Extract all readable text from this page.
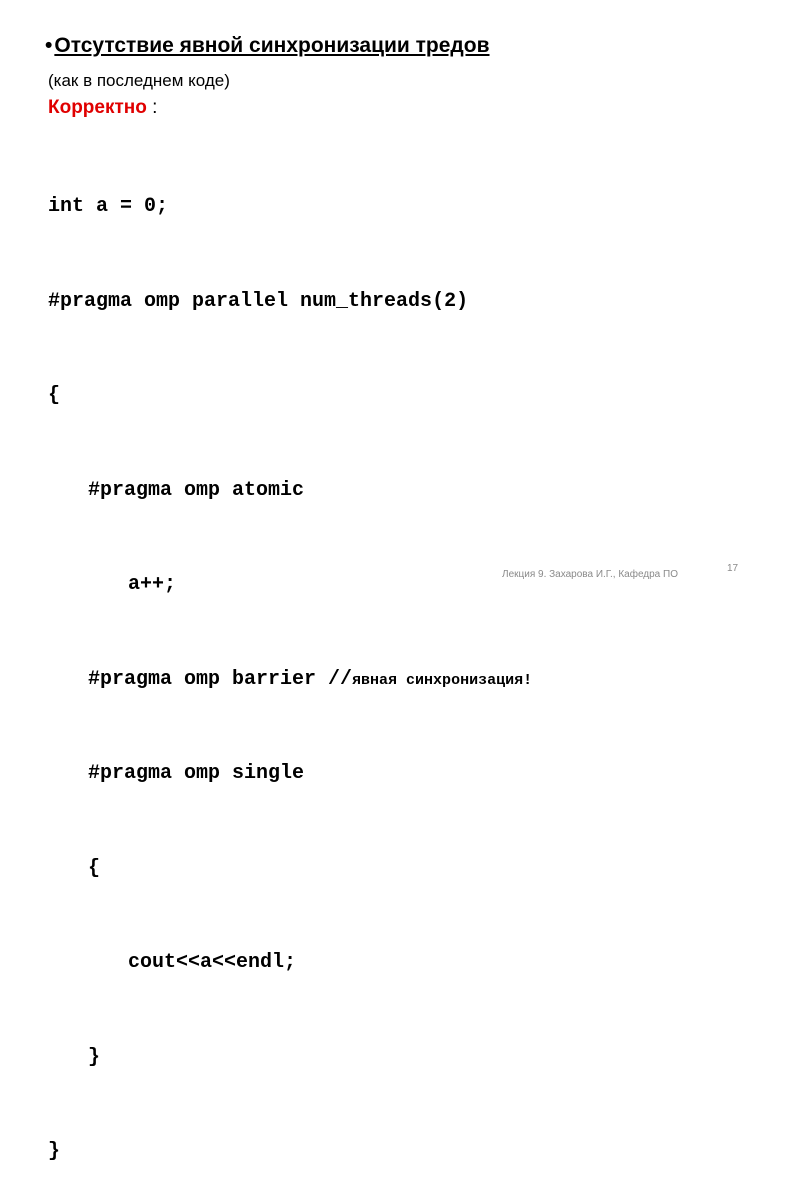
•Отсутствие явной синхронизации тредов
(как в последнем коде)
Корректно :

int a = 0;

#pragma omp parallel num_threads(2)

{

#pragma omp atomic

a++;

#pragma omp barrier //явная синхронизация!

#pragma omp single

{

cout<<a<<endl;

}

}

Лекция 9. Захарова И.Г., Кафедра ПО
17
